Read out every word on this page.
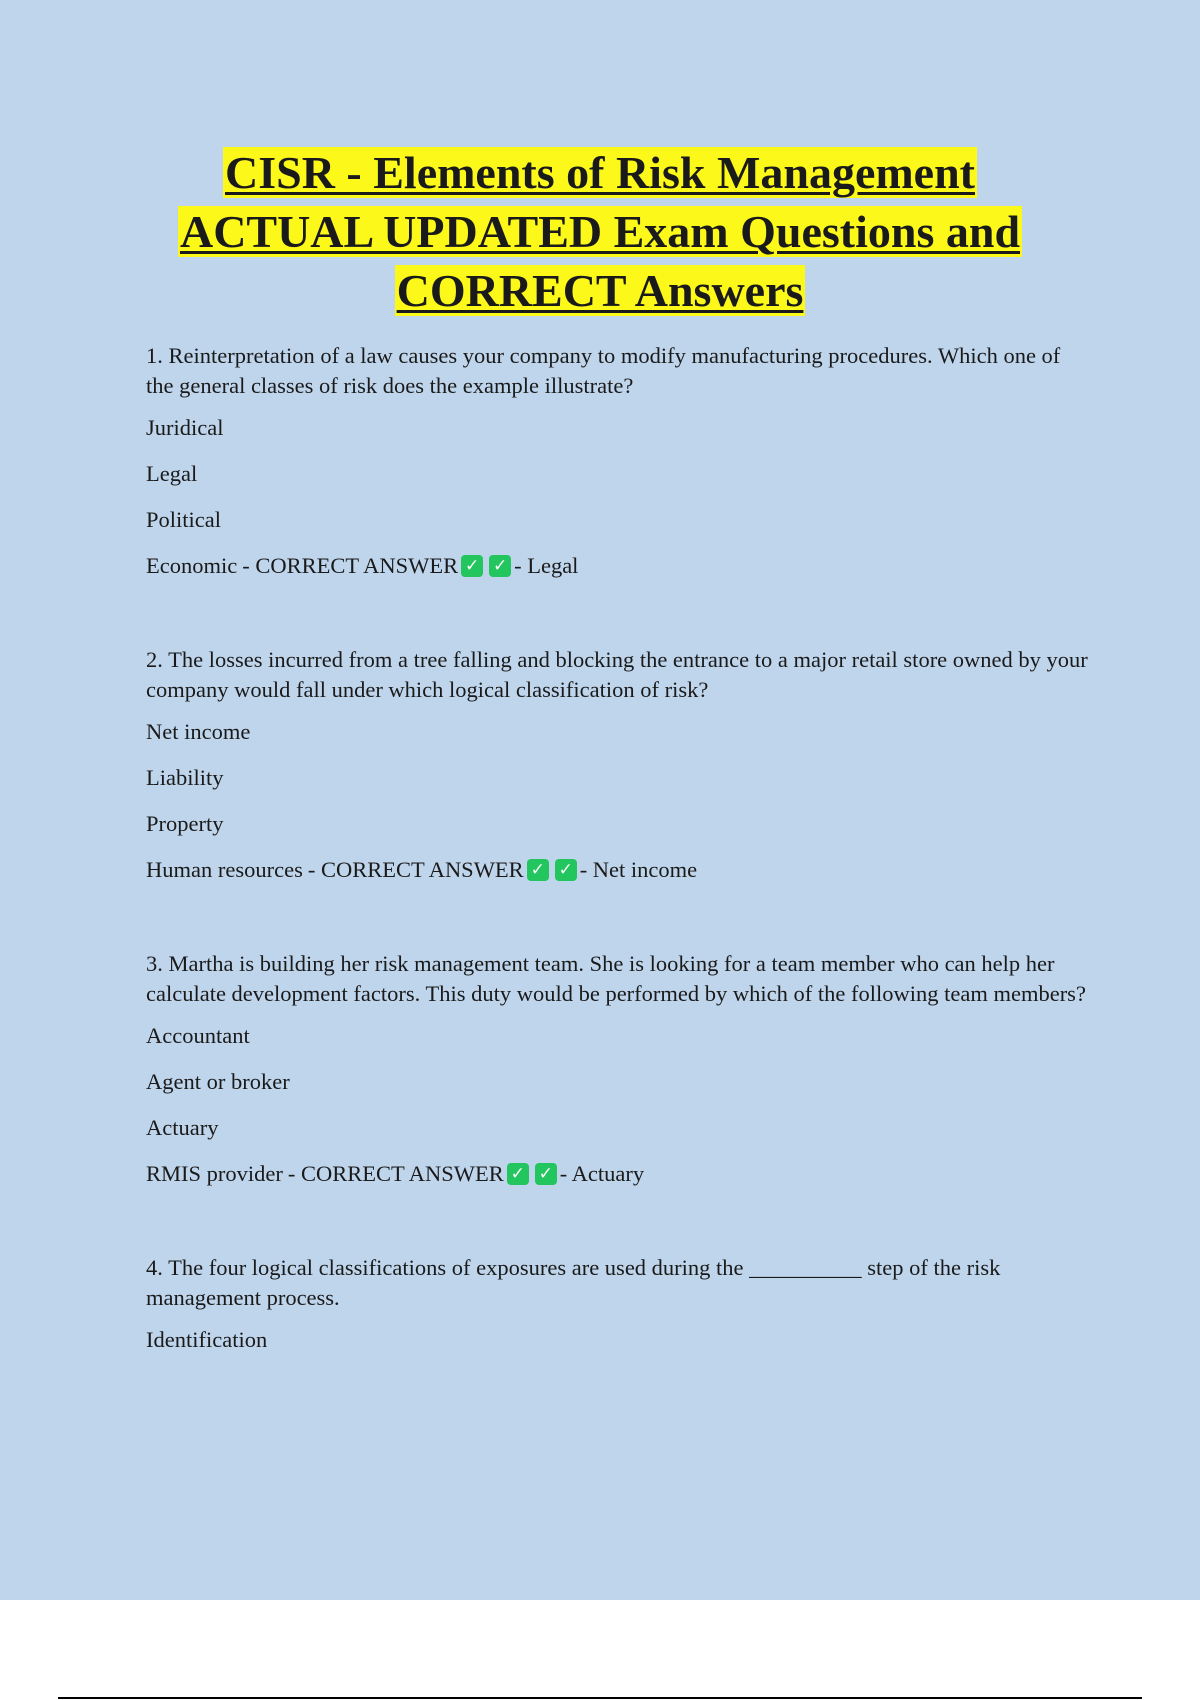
CISR - Elements of Risk Management
ACTUAL UPDATED Exam Questions and
CORRECT Answers

1. Reinterpretation of a law causes your company to modify manufacturing procedures. Which one of the general classes of risk does the example illustrate?

Juridical

Legal

Political

Economic - CORRECT ANSWER ✓ ✓ - Legal

2. The losses incurred from a tree falling and blocking the entrance to a major retail store owned by your company would fall under which logical classification of risk?

Net income

Liability

Property

Human resources - CORRECT ANSWER ✓ ✓ - Net income

3. Martha is building her risk management team. She is looking for a team member who can help her calculate development factors. This duty would be performed by which of the following team members?

Accountant

Agent or broker

Actuary

RMIS provider - CORRECT ANSWER ✓ ✓ - Actuary

4. The four logical classifications of exposures are used during the __________ step of the risk management process.

Identification
